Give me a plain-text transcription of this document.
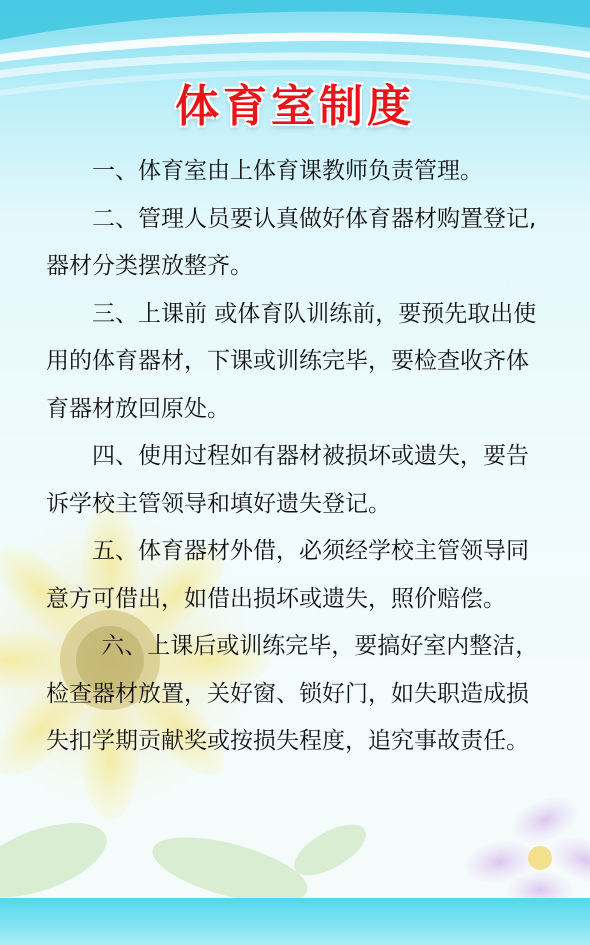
体育室制度

一、体育室由上体育课教师负责管理。

二、管理人员要认真做好体育器材购置登记,器材分类摆放整齐。

三、上课前 或体育队训练前，要预先取出使用的体育器材，下课或训练完毕，要检查收齐体育器材放回原处。

四、使用过程如有器材被损坏或遗失，要告诉学校主管领导和填好遗失登记。

五、体育器材外借，必须经学校主管领导同意方可借出，如借出损坏或遗失，照价赔偿。

六、上课后或训练完毕，要搞好室内整洁，检查器材放置，关好窗、锁好门，如失职造成损失扣学期贡献奖或按损失程度，追究事故责任。
